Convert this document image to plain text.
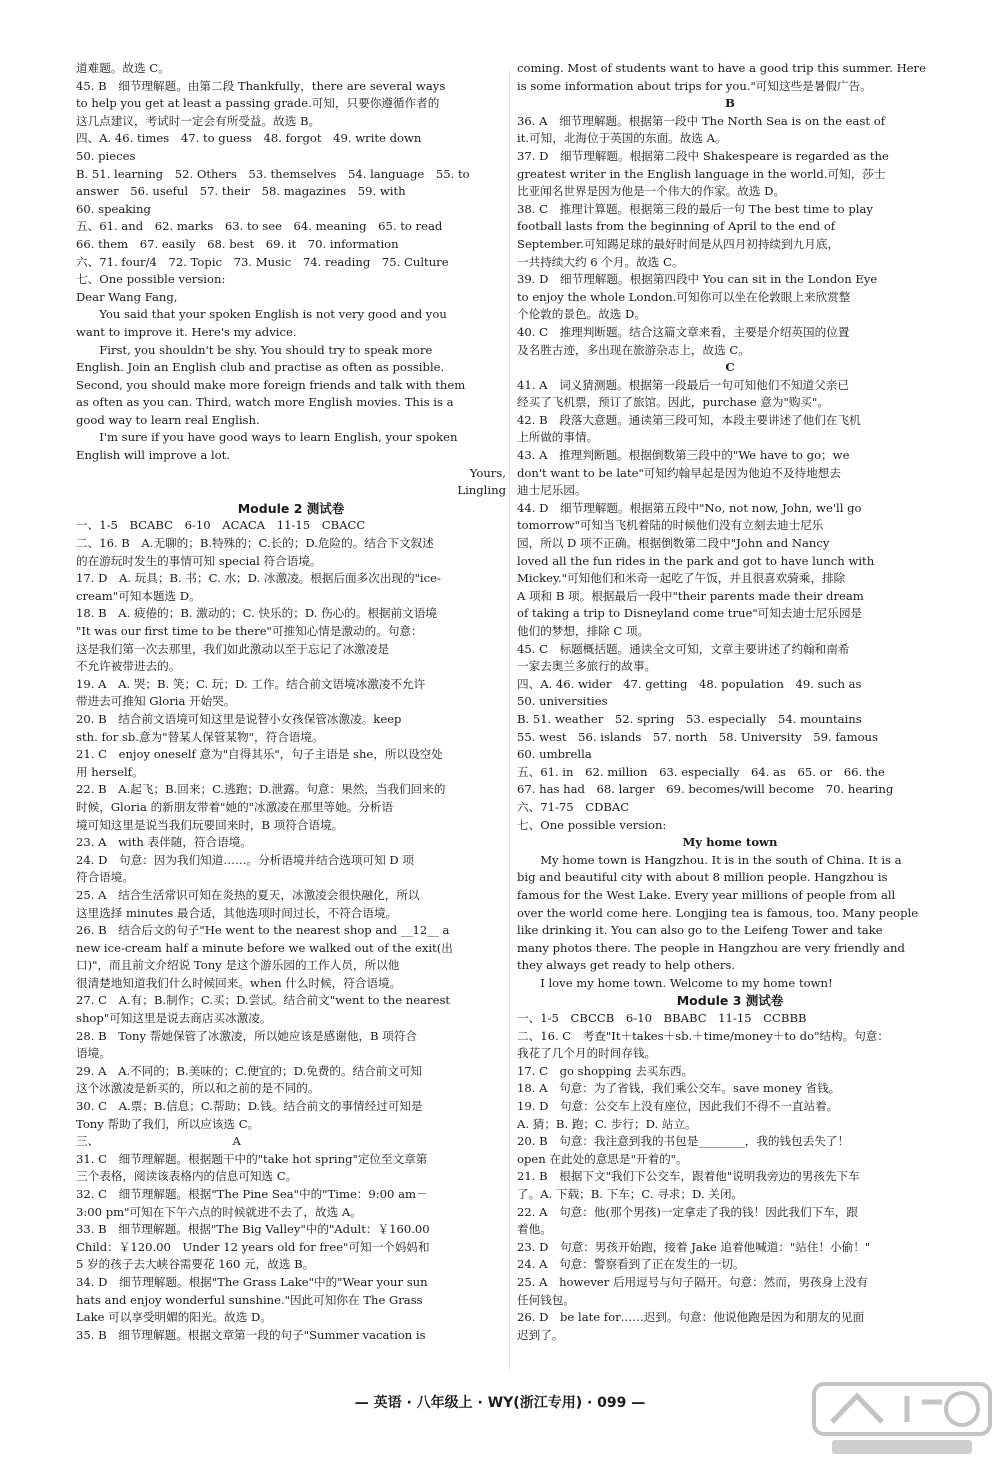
道难题。故选 C。
45. B　细节理解题。由第二段 Thankfully，there are several ways
to help you get at least a passing grade.可知，只要你遵循作者的
这几点建议，考试时一定会有所受益。故选 B。
四、A. 46. times　47. to guess　48. forgot　49. write down
50. pieces
B. 51. learning　52. Others　53. themselves　54. language　55. to
answer　56. useful　57. their　58. magazines　59. with
60. speaking
五、61. and　62. marks　63. to see　64. meaning　65. to read
66. them　67. easily　68. best　69. it　70. information
六、71. four/4　72. Topic　73. Music　74. reading　75. Culture
七、One possible version:
Dear Wang Fang,
You said that your spoken English is not very good and you
want to improve it. Here's my advice.
First, you shouldn't be shy. You should try to speak more
English. Join an English club and practise as often as possible.
Second, you should make more foreign friends and talk with them
as often as you can. Third, watch more English movies. This is a
good way to learn real English.
I'm sure if you have good ways to learn English, your spoken
English will improve a lot.
Yours,
Lingling
Module 2 测试卷
一、1-5　BCABC　6-10　ACACA　11-15　CBACC
二、16. B　A.无聊的；B.特殊的；C.长的；D.危险的。结合下文叙述
的在游玩时发生的事情可知 special 符合语境。
17. D　A. 玩具；B. 书；C. 水；D. 冰激凌。根据后面多次出现的"ice-
cream"可知本题选 D。
18. B　A. 疲倦的；B. 激动的；C. 快乐的；D. 伤心的。根据前文语境
"It was our first time to be there"可推知心情是激动的。句意：
这是我们第一次去那里，我们如此激动以至于忘记了冰激凌是
不允许被带进去的。
19. A　A. 哭；B. 笑；C. 玩；D. 工作。结合前文语境冰激凌不允许
带进去可推知 Gloria 开始哭。
20. B　结合前文语境可知这里是说替小女孩保管冰激凌。keep
sth. for sb.意为"替某人保管某物"，符合语境。
21. C　enjoy oneself 意为"自得其乐"，句子主语是 she，所以设空处
用 herself。
22. B　A.起飞；B.回来；C.逃跑；D.泄露。句意：果然，当我们回来的
时候，Gloria 的新朋友带着"她的"冰激凌在那里等她。分析语
境可知这里是说当我们玩要回来时，B 项符合语境。
23. A　with 表伴随，符合语境。
24. D　句意：因为我们知道……。分析语境并结合选项可知 D 项
符合语境。
25. A　结合生活常识可知在炎热的夏天，冰激凌会很快融化，所以
这里选择 minutes 最合适，其他选项时间过长，不符合语境。
26. B　结合后文的句子"He went to the nearest shop and __12__ a
new ice-cream half a minute before we walked out of the exit(出
口)"，而且前文介绍说 Tony 是这个游乐园的工作人员，所以他
很清楚地知道我们什么时候回来。when 什么时候，符合语境。
27. C　A.有；B.制作；C.买；D.尝试。结合前文"went to the nearest
shop"可知这里是说去商店买冰激凌。
28. B　Tony 帮她保管了冰激凌，所以她应该是感谢他，B 项符合
语境。
29. A　A.不同的；B.美味的；C.便宜的；D.免费的。结合前文可知
这个冰激凌是新买的，所以和之前的是不同的。
30. C　A.票；B.信息；C.帮助；D.钱。结合前文的事情经过可知是
Tony 帮助了我们，所以应该选 C。
三、　　　　　　　　　　　　A
31. C　细节理解题。根据题干中的"take hot spring"定位至文章第
三个表格，阅读该表格内的信息可知选 C。
32. C　细节理解题。根据"The Pine Sea"中的"Time：9:00 am－
3:00 pm"可知在下午六点的时候就进不去了，故选 A。
33. B　细节理解题。根据"The Big Valley"中的"Adult：￥160.00
Child：￥120.00　Under 12 years old for free"可知一个妈妈和
5 岁的孩子去大峡谷需要花 160 元，故选 B。
34. D　细节理解题。根据"The Grass Lake"中的"Wear your sun
hats and enjoy wonderful sunshine."因此可知你在 The Grass
Lake 可以享受明媚的阳光。故选 D。
35. B　细节理解题。根据文章第一段的句子"Summer vacation is
coming. Most of students want to have a good trip this summer. Here
is some information about trips for you."可知这些是暑假广告。
B
36. A　细节理解题。根据第一段中 The North Sea is on the east of
it.可知，北海位于英国的东面。故选 A。
37. D　细节理解题。根据第二段中 Shakespeare is regarded as the
greatest writer in the English language in the world.可知，莎士
比亚闻名世界是因为他是一个伟大的作家。故选 D。
38. C　推理计算题。根据第三段的最后一句 The best time to play
football lasts from the beginning of April to the end of
September.可知踢足球的最好时间是从四月初持续到九月底，
一共持续大约 6 个月。故选 C。
39. D　细节理解题。根据第四段中 You can sit in the London Eye
to enjoy the whole London.可知你可以坐在伦敦眼上来欣赏整
个伦敦的景色。故选 D。
40. C　推理判断题。结合这篇文章来看，主要是介绍英国的位置
及名胜古迹，多出现在旅游杂志上，故选 C。
C
41. A　词义猜测题。根据第一段最后一句可知他们不知道父亲已
经买了飞机票，预订了旅馆。因此，purchase 意为"购买"。
42. B　段落大意题。通读第三段可知，本段主要讲述了他们在飞机
上所做的事情。
43. A　推理判断题。根据倒数第三段中的"We have to go；we
don't want to be late"可知约翰早起是因为他迫不及待地想去
迪士尼乐园。
44. D　细节理解题。根据第五段中"No, not now, John, we'll go
tomorrow"可知当飞机着陆的时候他们没有立刻去迪士尼乐
园，所以 D 项不正确。根据倒数第二段中"John and Nancy
loved all the fun rides in the park and got to have lunch with
Mickey."可知他们和米奇一起吃了午饭，并且很喜欢骑乘，排除
A 项和 B 项。根据最后一段中"their parents made their dream
of taking a trip to Disneyland come true"可知去迪士尼乐园是
他们的梦想，排除 C 项。
45. C　标题概括题。通读全文可知，文章主要讲述了约翰和南希
一家去奥兰多旅行的故事。
四、A. 46. wider　47. getting　48. population　49. such as
50. universities
B. 51. weather　52. spring　53. especially　54. mountains
55. west　56. islands　57. north　58. University　59. famous
60. umbrella
五、61. in　62. million　63. especially　64. as　65. or　66. the
67. has had　68. larger　69. becomes/will become　70. hearing
六、71-75　CDBAC
七、One possible version:
My home town
My home town is Hangzhou. It is in the south of China. It is a
big and beautiful city with about 8 million people. Hangzhou is
famous for the West Lake. Every year millions of people from all
over the world come here. Longjing tea is famous, too. Many people
like drinking it. You can also go to the Leifeng Tower and take
many photos there. The people in Hangzhou are very friendly and
they always get ready to help others.
I love my home town. Welcome to my home town!
Module 3 测试卷
一、1-5　CBCCB　6-10　BBABC　11-15　CCBBB
二、16. C　考查"It＋takes＋sb.＋time/money＋to do"结构。句意：
我花了几个月的时间存钱。
17. C　go shopping 去买东西。
18. A　句意：为了省钱，我们乘公交车。save money 省钱。
19. D　句意：公交车上没有座位，因此我们不得不一直站着。
A. 猜；B. 跑；C. 步行；D. 站立。
20. B　句意：我注意到我的书包是________，我的钱包丢失了！
open 在此处的意思是"开着的"。
21. B　根据下文"我们下公交车，跟着他"说明我旁边的男孩先下车
了。A. 下载；B. 下车；C. 寻求；D. 关闭。
22. A　句意：他(那个男孩)一定拿走了我的钱！因此我们下车，跟
着他。
23. D　句意：男孩开始跑，接着 Jake 追着他喊道："站住！小偷！"
24. A　句意：警察看到了正在发生的一切。
25. A　however 后用逗号与句子隔开。句意：然而，男孩身上没有
任何钱包。
26. D　be late for……迟到。句意：他说他跑是因为和朋友的见面
迟到了。
— 英语 · 八年级上 · WY(浙江专用) · 099 —
